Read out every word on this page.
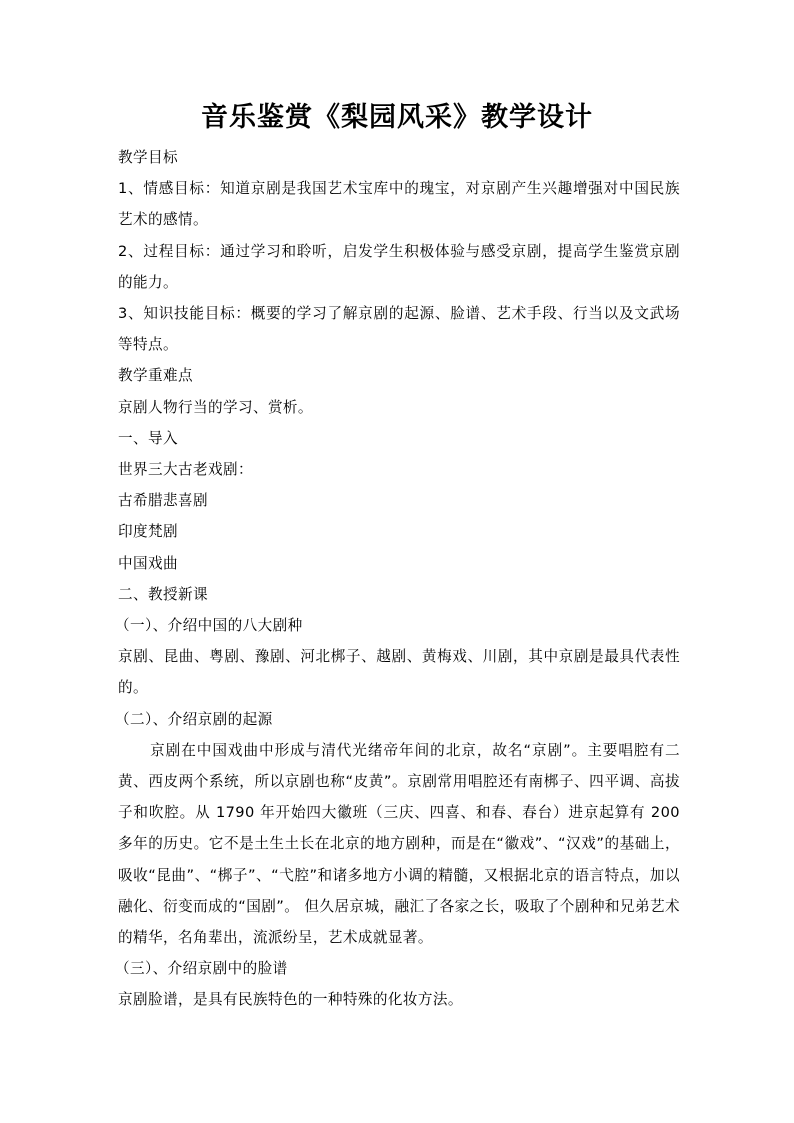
音乐鉴赏《梨园风采》教学设计

教学目标

1、情感目标：知道京剧是我国艺术宝库中的瑰宝，对京剧产生兴趣增强对中国民族艺术的感情。

2、过程目标：通过学习和聆听，启发学生积极体验与感受京剧，提高学生鉴赏京剧的能力。

3、知识技能目标：概要的学习了解京剧的起源、脸谱、艺术手段、行当以及文武场等特点。

教学重难点

京剧人物行当的学习、赏析。

一、导入

世界三大古老戏剧：

古希腊悲喜剧

印度梵剧

中国戏曲

二、教授新课

（一）、介绍中国的八大剧种

京剧、昆曲、粤剧、豫剧、河北梆子、越剧、黄梅戏、川剧，其中京剧是最具代表性的。

（二）、介绍京剧的起源

京剧在中国戏曲中形成与清代光绪帝年间的北京，故名“京剧”。主要唱腔有二黄、西皮两个系统，所以京剧也称“皮黄”。京剧常用唱腔还有南梆子、四平调、高拔子和吹腔。从 1790 年开始四大徽班（三庆、四喜、和春、春台）进京起算有 200 多年的历史。它不是土生土长在北京的地方剧种，而是在“徽戏”、“汉戏”的基础上，吸收“昆曲”、“梆子”、“弋腔”和诸多地方小调的精髓，又根据北京的语言特点，加以融化、衍变而成的“国剧”。 但久居京城，融汇了各家之长，吸取了个剧种和兄弟艺术的精华，名角辈出，流派纷呈，艺术成就显著。

（三）、介绍京剧中的脸谱

京剧脸谱，是具有民族特色的一种特殊的化妆方法。
